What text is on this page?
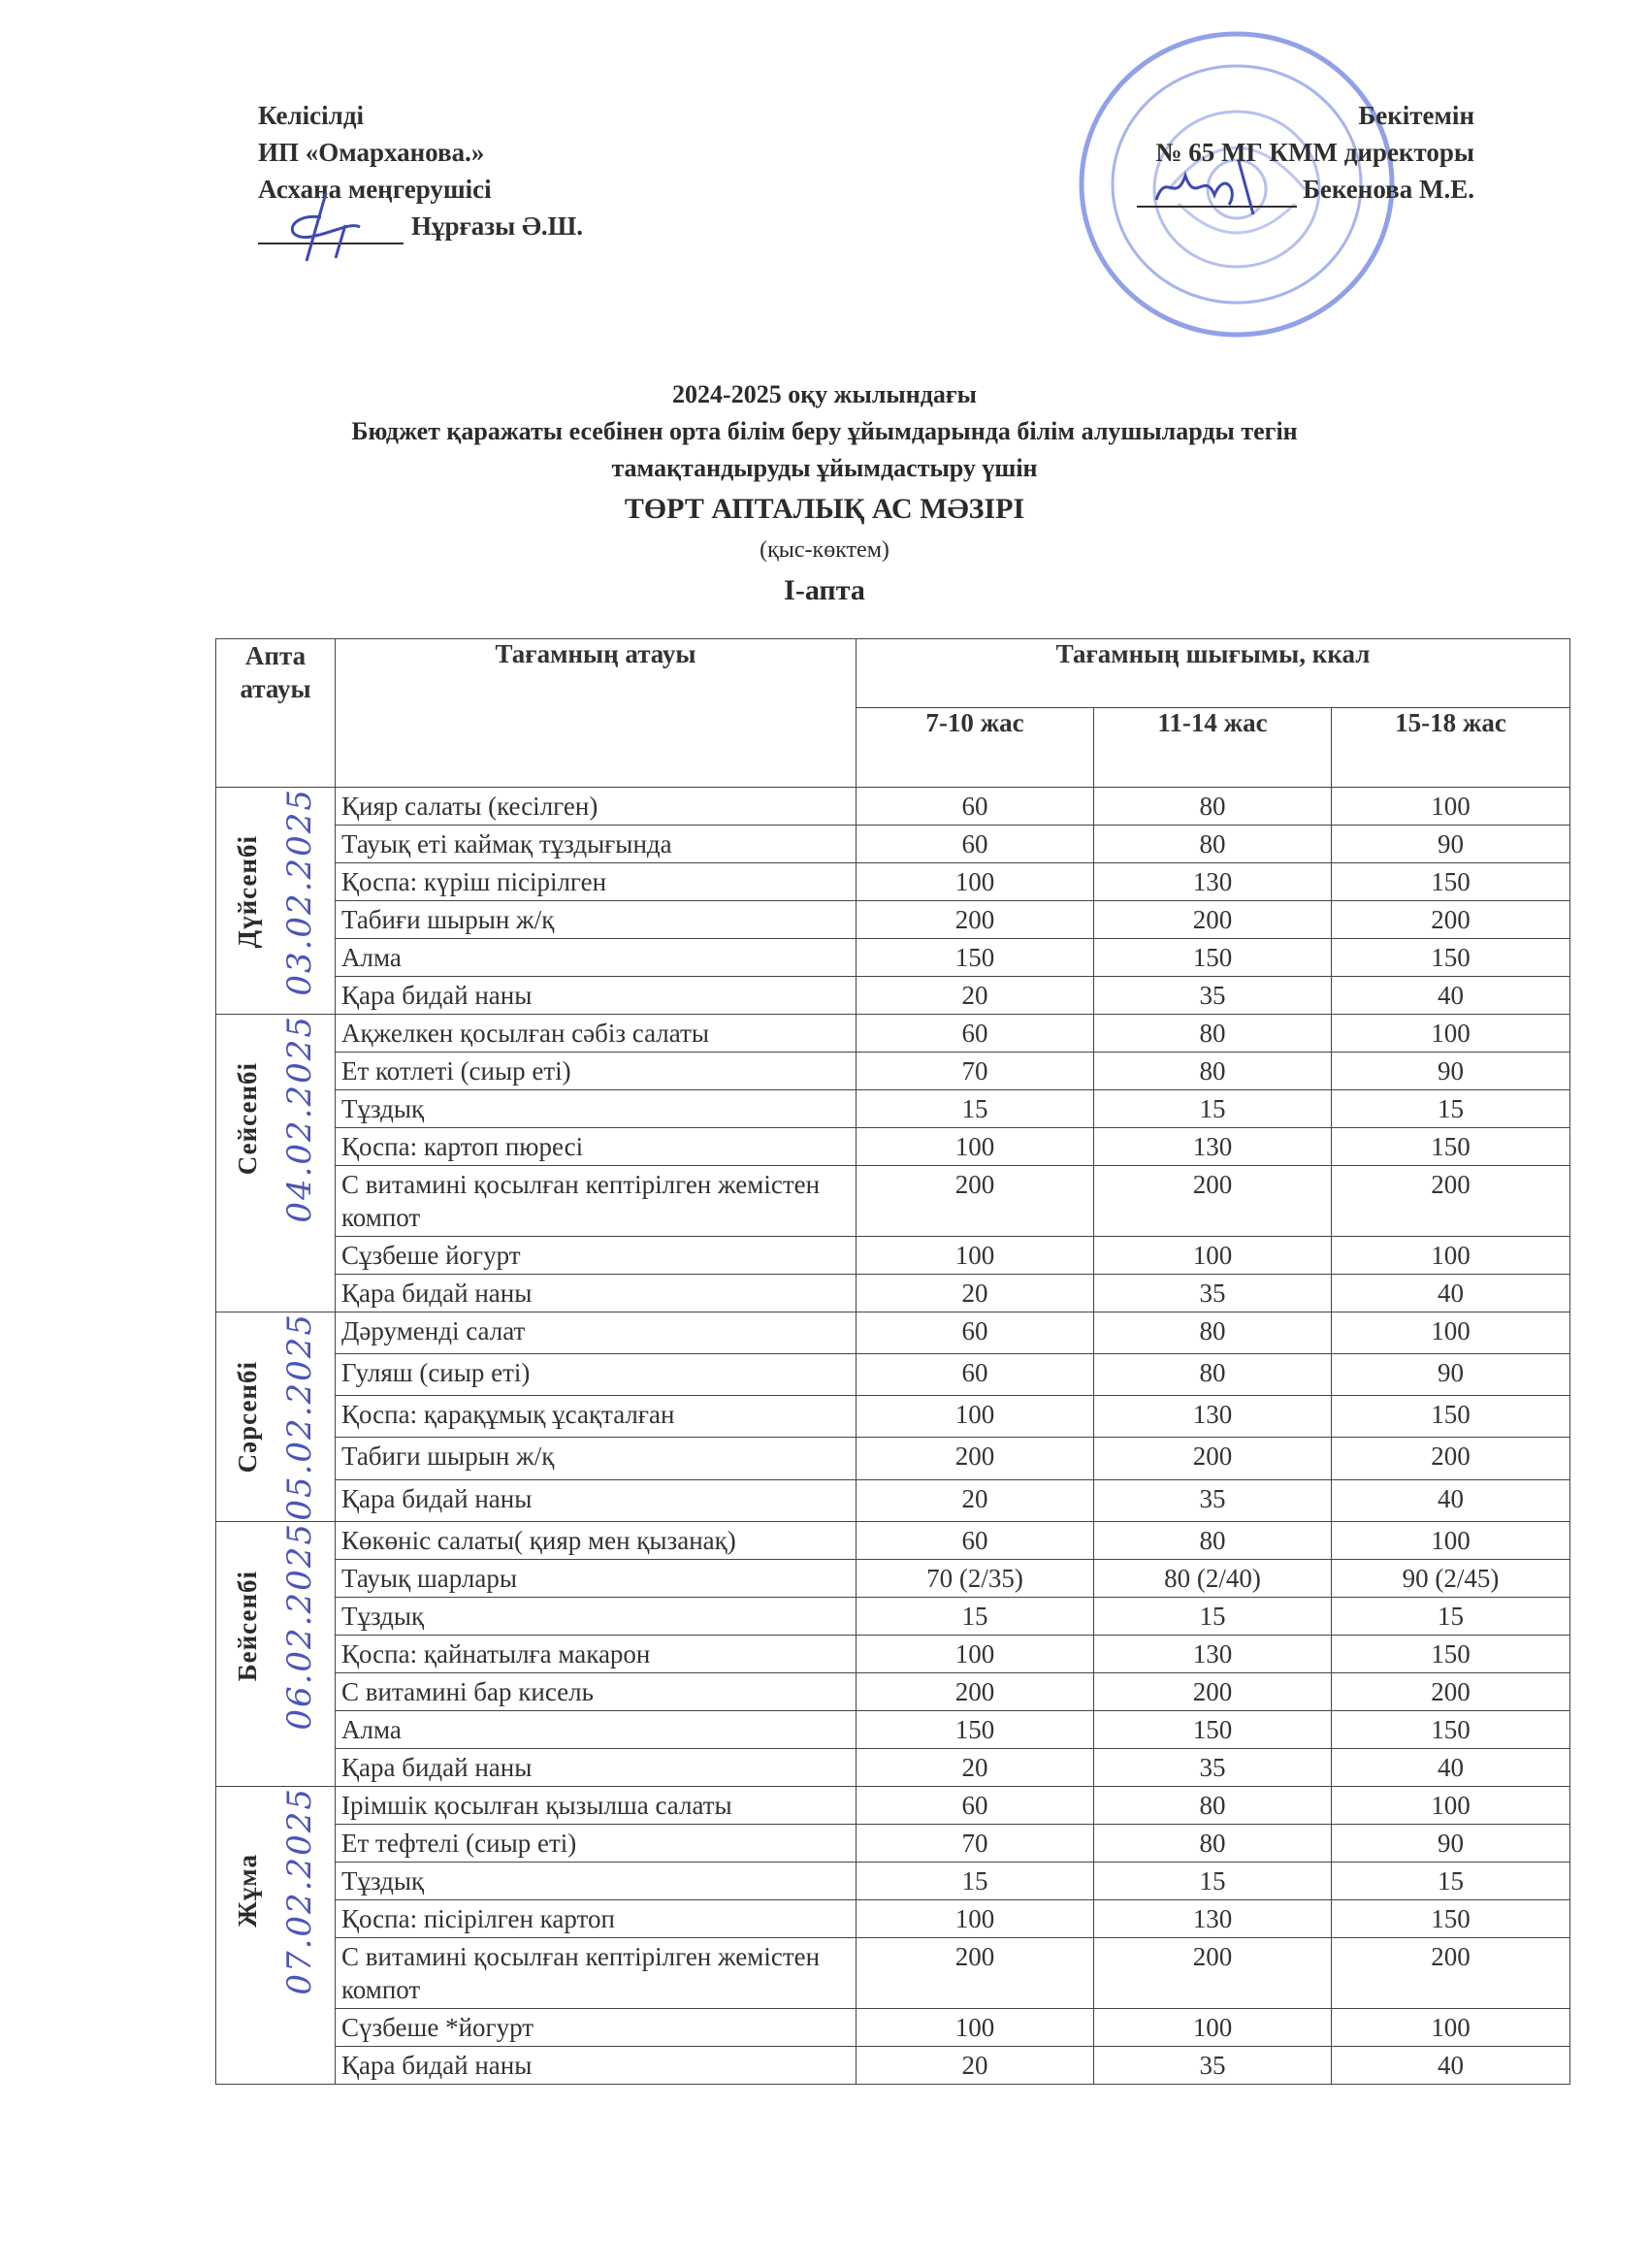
Келісілді
ИП «Омарханова.»
Асхана меңгерушісі
Нұрғазы Ә.Ш.
Бекітемін
№ 65 МГ КММ директоры
Бекенова М.Е.
2024-2025 оқу жылындағы
Бюджет қаражаты есебінен орта білім беру ұйымдарында білім алушыларды тегін
тамақтандыруды ұйымдастыру үшін
ТӨРТ АПТАЛЫҚ АС МӘЗІРІ
(қыс-көктем)
I-апта
Апта атауы	Тағамның атауы	Тағамның шығымы, ккал		
		7-10 жас	11-14 жас	15-18 жас

Дүйсенбі 03.02.2025	Қияр салаты (кесілген)	60	80	100
	Тауық еті каймақ тұздығында	60	80	90
	Қоспа: күріш пісірілген	100	130	150
	Табиғи шырын ж/қ	200	200	200
	Алма	150	150	150
	Қара бидай наны	20	35	40

Сейсенбі 04.02.2025	Ақжелкен қосылған сәбіз салаты	60	80	100
	Ет котлеті (сиыр еті)	70	80	90
	Тұздық	15	15	15
	Қоспа: картоп пюресі	100	130	150
	С витамині қосылған кептірілген жемістен компот	200	200	200
	Сұзбеше йогурт	100	100	100
	Қара бидай наны	20	35	40

Сәрсенбі 05.02.2025	Дәрумендi салат	60	80	100
	Гуляш (сиыр еті)	60	80	90
	Қоспа: қарақұмық ұсақталған	100	130	150
	Табиги шырын ж/қ	200	200	200
	Қара бидай наны	20	35	40

Бейсенбі 06.02.2025	Көкөніс салаты( қияр мен қызанақ)	60	80	100
	Тауық шарлары	70 (2/35)	80 (2/40)	90 (2/45)
	Тұздық	15	15	15
	Қоспа: қайнатылға макарон	100	130	150
	С витамині бар кисель	200	200	200
	Алма	150	150	150
	Қара бидай наны	20	35	40

Жұма 07.02.2025	Ірімшік қосылған қызылша салаты	60	80	100
	Ет тефтелі (сиыр еті)	70	80	90
	Тұздық	15	15	15
	Қоспа: пісірілген картоп	100	130	150
	С витамині қосылған кептірілген жемістен компот	200	200	200
	Сүзбеше *йогурт	100	100	100
	Қара бидай наны	20	35	40
